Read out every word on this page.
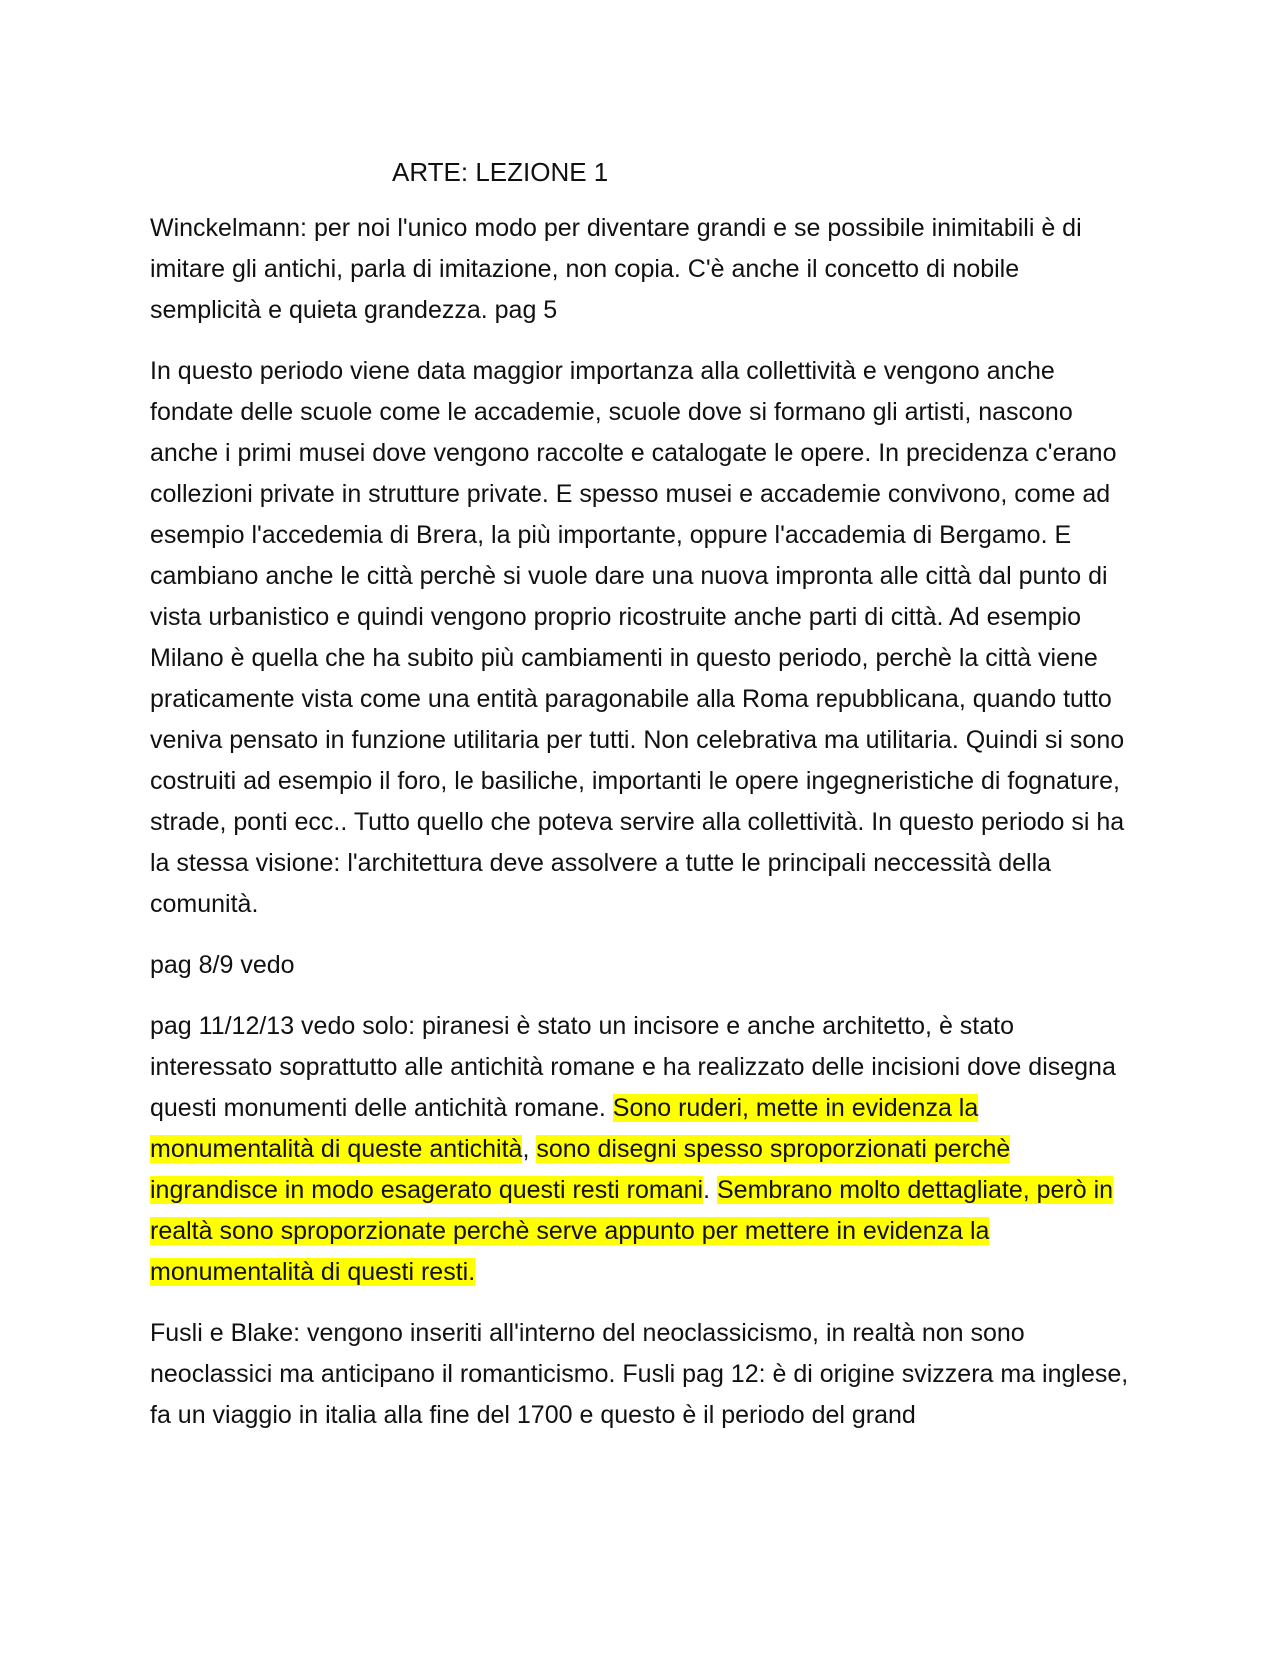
ARTE: LEZIONE 1

Winckelmann: per noi l'unico modo per diventare grandi e se possibile inimitabili è di imitare gli antichi, parla di imitazione, non copia. C'è anche il concetto di nobile semplicità e quieta grandezza. pag 5

In questo periodo viene data maggior importanza alla collettività e vengono anche fondate delle scuole come le accademie, scuole dove si formano gli artisti, nascono anche i primi musei dove vengono raccolte e catalogate le opere. In precidenza c'erano collezioni private in strutture private. E spesso musei e accademie convivono, come ad esempio l'accedemia di Brera, la più importante, oppure l'accademia di Bergamo. E cambiano anche le città perchè si vuole dare una nuova impronta alle città dal punto di vista urbanistico e quindi vengono proprio ricostruite anche parti di città. Ad esempio Milano è quella che ha subito più cambiamenti in questo periodo, perchè la città viene praticamente vista come una entità paragonabile alla Roma repubblicana, quando tutto veniva pensato in funzione utilitaria per tutti. Non celebrativa ma utilitaria. Quindi si sono costruiti ad esempio il foro, le basiliche, importanti le opere ingegneristiche di fognature, strade, ponti ecc.. Tutto quello che poteva servire alla collettività. In questo periodo si ha la stessa visione: l'architettura deve assolvere a tutte le principali neccessità della comunità.

pag 8/9 vedo

pag 11/12/13 vedo solo: piranesi è stato un incisore e anche architetto, è stato interessato soprattutto alle antichità romane e ha realizzato delle incisioni dove disegna questi monumenti delle antichità romane. Sono ruderi, mette in evidenza la monumentalità di queste antichità, sono disegni spesso sproporzionati perchè ingrandisce in modo esagerato questi resti romani. Sembrano molto dettagliate, però in realtà sono sproporzionate perchè serve appunto per mettere in evidenza la monumentalità di questi resti.

Fusli e Blake: vengono inseriti all'interno del neoclassicismo, in realtà non sono neoclassici ma anticipano il romanticismo. Fusli pag 12: è di origine svizzera ma inglese, fa un viaggio in italia alla fine del 1700 e questo è il periodo del grand
